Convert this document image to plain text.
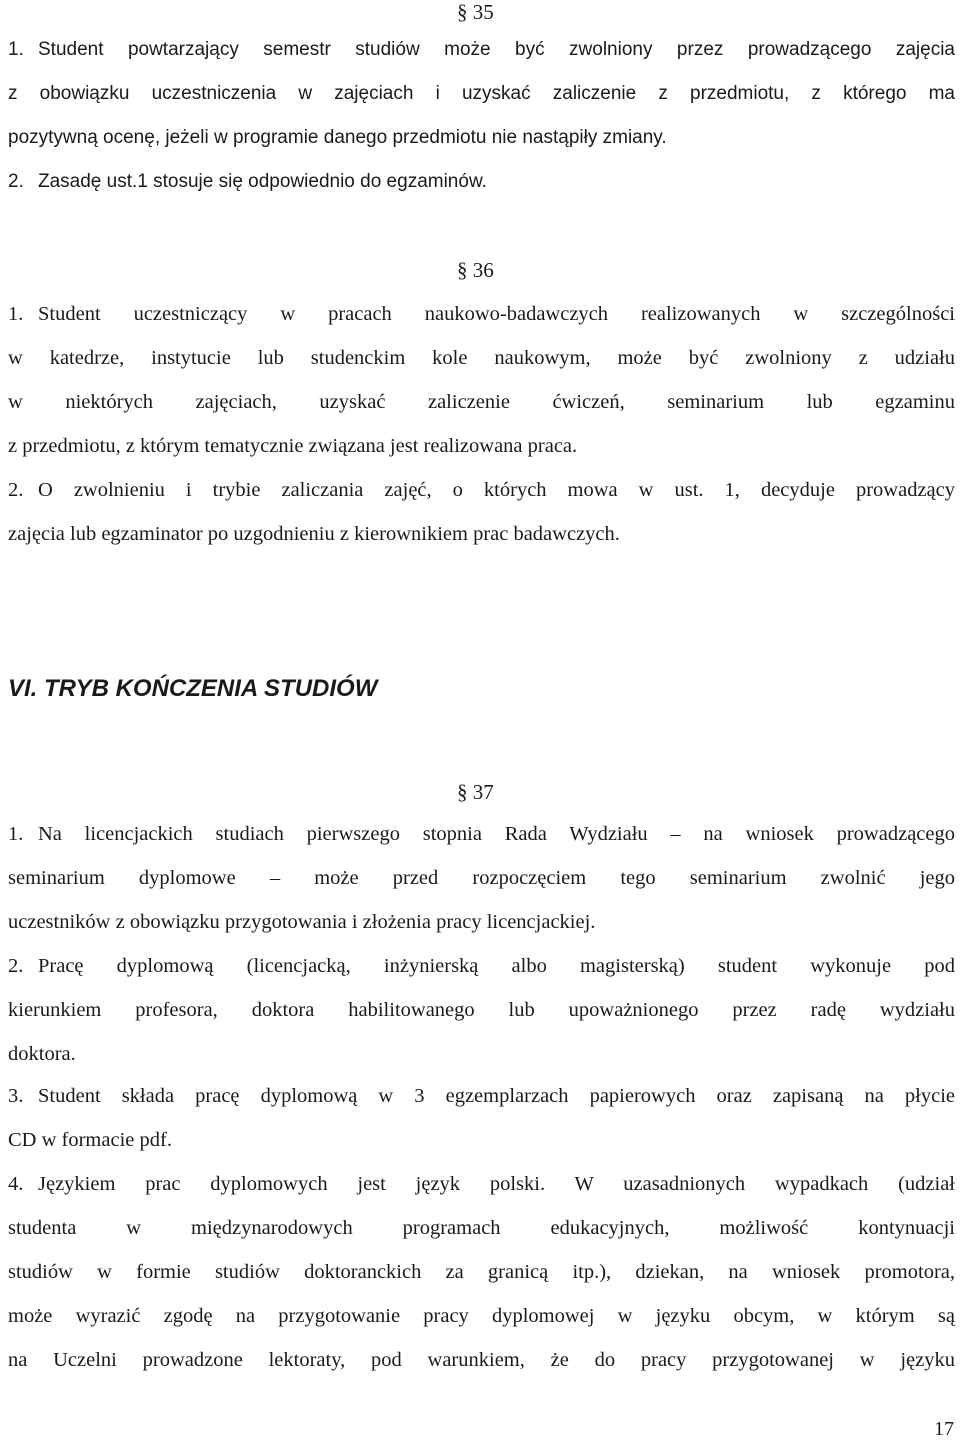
§ 35

1. Student powtarzający semestr studiów może być zwolniony przez prowadzącego zajęcia
z obowiązku uczestniczenia w zajęciach i uzyskać zaliczenie z przedmiotu, z którego ma
pozytywną ocenę, jeżeli w programie danego przedmiotu nie nastąpiły zmiany.
2. Zasadę ust.1 stosuje się odpowiednio do egzaminów.

§ 36

1. Student uczestniczący w pracach naukowo-badawczych realizowanych w szczególności
w katedrze, instytucie lub studenckim kole naukowym, może być zwolniony z udziału
w niektórych zajęciach, uzyskać zaliczenie ćwiczeń, seminarium lub egzaminu
z przedmiotu, z którym tematycznie związana jest realizowana praca.
2. O zwolnieniu i trybie zaliczania zajęć, o których mowa w ust. 1, decyduje prowadzący
zajęcia lub egzaminator po uzgodnieniu z kierownikiem prac badawczych.
VI. TRYB KOŃCZENIA STUDIÓW

§ 37

1. Na licencjackich studiach pierwszego stopnia Rada Wydziału – na wniosek prowadzącego
seminarium dyplomowe – może przed rozpoczęciem tego seminarium zwolnić jego
uczestników z obowiązku przygotowania i złożenia pracy licencjackiej.
2. Pracę dyplomową (licencjacką, inżynierską albo magisterską) student wykonuje pod
kierunkiem profesora, doktora habilitowanego lub upoważnionego przez radę wydziału
doktora.
3. Student składa pracę dyplomową w 3 egzemplarzach papierowych oraz zapisaną na płycie
CD w formacie pdf.
4. Językiem prac dyplomowych jest język polski. W uzasadnionych wypadkach (udział
studenta w międzynarodowych programach edukacyjnych, możliwość kontynuacji
studiów w formie studiów doktoranckich za granicą itp.), dziekan, na wniosek promotora,
może wyrazić zgodę na przygotowanie pracy dyplomowej w języku obcym, w którym są
na Uczelni prowadzone lektoraty, pod warunkiem, że do pracy przygotowanej w języku

17
